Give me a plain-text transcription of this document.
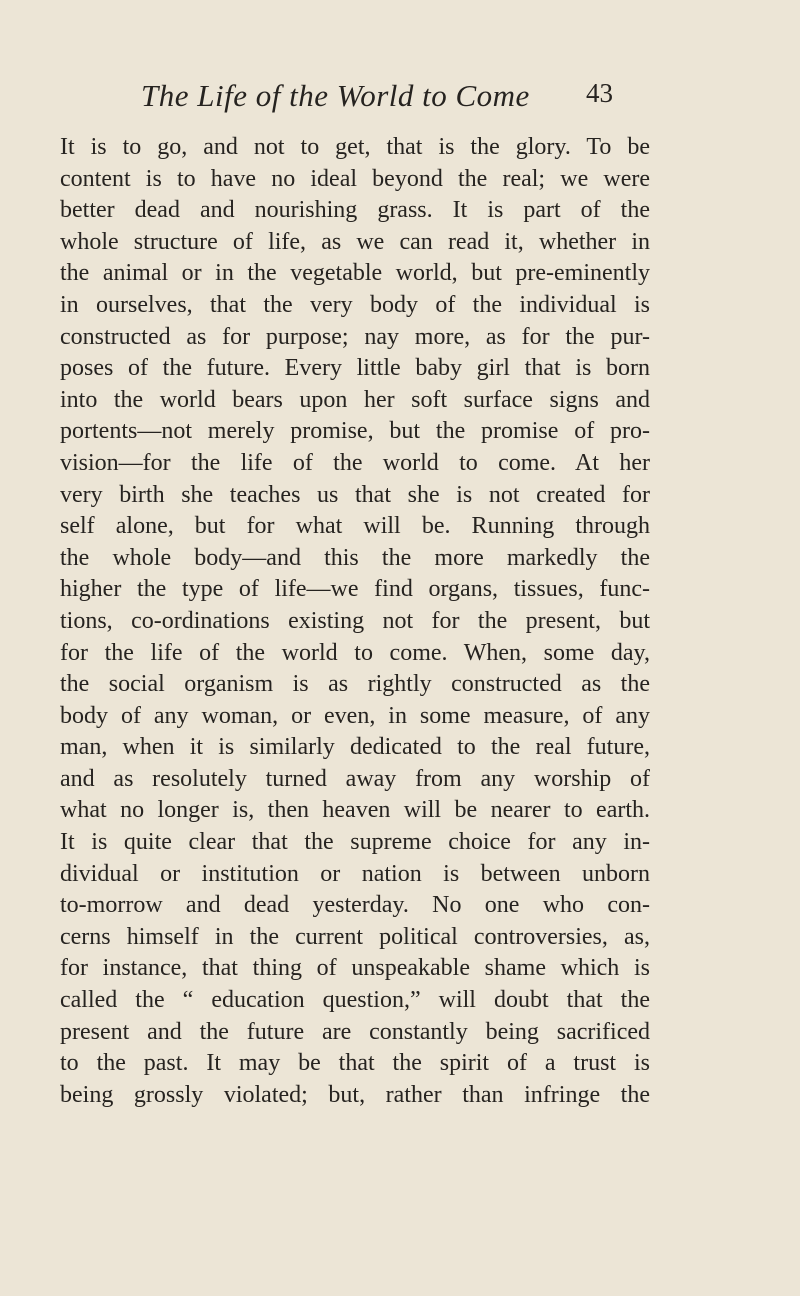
The Life of the World to Come 43
It is to go, and not to get, that is the glory. To be
content is to have no ideal beyond the real; we were
better dead and nourishing grass. It is part of the
whole structure of life, as we can read it, whether in
the animal or in the vegetable world, but pre-eminently
in ourselves, that the very body of the individual is
constructed as for purpose; nay more, as for the pur-
poses of the future. Every little baby girl that is born
into the world bears upon her soft surface signs and
portents—not merely promise, but the promise of pro-
vision—for the life of the world to come. At her
very birth she teaches us that she is not created for
self alone, but for what will be. Running through
the whole body—and this the more markedly the
higher the type of life—we find organs, tissues, func-
tions, co-ordinations existing not for the present, but
for the life of the world to come. When, some day,
the social organism is as rightly constructed as the
body of any woman, or even, in some measure, of any
man, when it is similarly dedicated to the real future,
and as resolutely turned away from any worship of
what no longer is, then heaven will be nearer to earth.
It is quite clear that the supreme choice for any in-
dividual or institution or nation is between unborn
to-morrow and dead yesterday. No one who con-
cerns himself in the current political controversies, as,
for instance, that thing of unspeakable shame which is
called the “ education question,” will doubt that the
present and the future are constantly being sacrificed
to the past. It may be that the spirit of a trust is
being grossly violated; but, rather than infringe the
